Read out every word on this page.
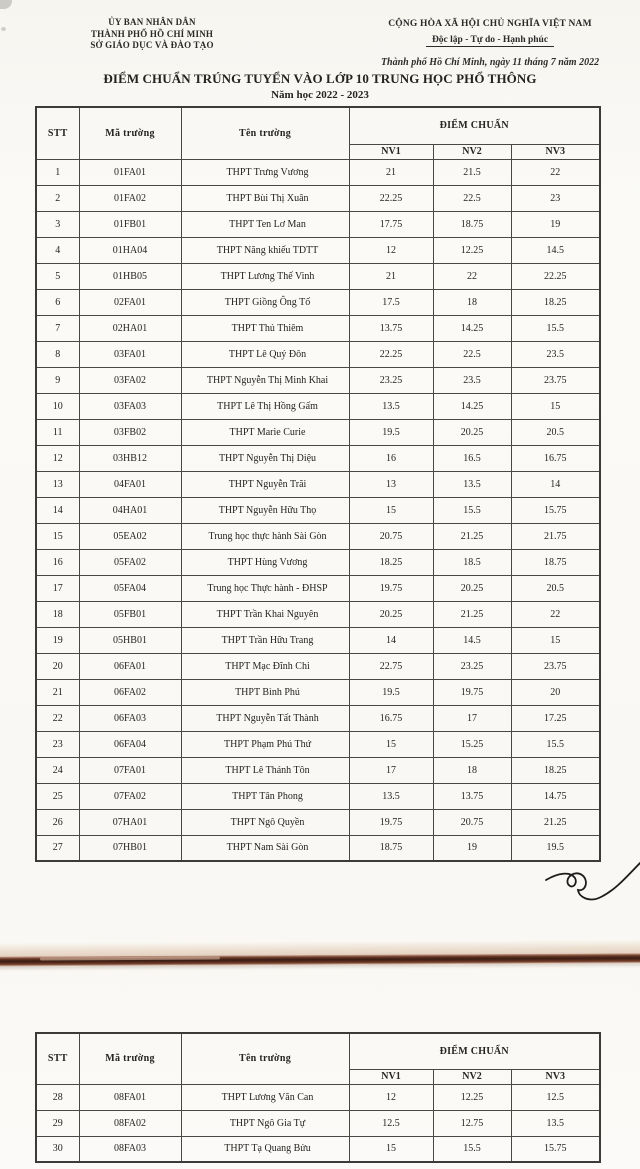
ỦY BAN NHÂN DÂN
THÀNH PHỐ HỒ CHÍ MINH
SỞ GIÁO DỤC VÀ ĐÀO TẠO
CỘNG HÒA XÃ HỘI CHỦ NGHĨA VIỆT NAM
Độc lập - Tự do - Hạnh phúc
Thành phố Hồ Chí Minh, ngày 11 tháng 7 năm 2022
ĐIỂM CHUẨN TRÚNG TUYỂN VÀO LỚP 10 TRUNG HỌC PHỔ THÔNG
Năm học 2022 - 2023
STT	Mã trường	Tên trường	ĐIỂM CHUẨN		
			NV1	NV2	NV3
1	01FA01	THPT Trưng Vương	21	21.5	22
2	01FA02	THPT Bùi Thị Xuân	22.25	22.5	23
3	01FB01	THPT Ten Lơ Man	17.75	18.75	19
4	01HA04	THPT Năng khiếu TDTT	12	12.25	14.5
5	01HB05	THPT Lương Thế Vinh	21	22	22.25
6	02FA01	THPT Giồng Ông Tố	17.5	18	18.25
7	02HA01	THPT Thủ Thiêm	13.75	14.25	15.5
8	03FA01	THPT Lê Quý Đôn	22.25	22.5	23.5
9	03FA02	THPT Nguyễn Thị Minh Khai	23.25	23.5	23.75
10	03FA03	THPT Lê Thị Hồng Gấm	13.5	14.25	15
11	03FB02	THPT Marie Curie	19.5	20.25	20.5
12	03HB12	THPT Nguyễn Thị Diệu	16	16.5	16.75
13	04FA01	THPT Nguyễn Trãi	13	13.5	14
14	04HA01	THPT Nguyễn Hữu Thọ	15	15.5	15.75
15	05EA02	Trung học thực hành Sài Gòn	20.75	21.25	21.75
16	05FA02	THPT Hùng Vương	18.25	18.5	18.75
17	05FA04	Trung học Thực hành - ĐHSP	19.75	20.25	20.5
18	05FB01	THPT Trần Khai Nguyên	20.25	21.25	22
19	05HB01	THPT Trần Hữu Trang	14	14.5	15
20	06FA01	THPT Mạc Đĩnh Chi	22.75	23.25	23.75
21	06FA02	THPT Bình Phú	19.5	19.75	20
22	06FA03	THPT Nguyễn Tất Thành	16.75	17	17.25
23	06FA04	THPT Phạm Phú Thứ	15	15.25	15.5
24	07FA01	THPT Lê Thánh Tôn	17	18	18.25
25	07FA02	THPT Tân Phong	13.5	13.75	14.75
26	07HA01	THPT Ngô Quyền	19.75	20.75	21.25
27	07HB01	THPT Nam Sài Gòn	18.75	19	19.5
STT	Mã trường	Tên trường	ĐIỂM CHUẨN		
			NV1	NV2	NV3
28	08FA01	THPT Lương Văn Can	12	12.25	12.5
29	08FA02	THPT Ngô Gia Tự	12.5	12.75	13.5
30	08FA03	THPT Tạ Quang Bửu	15	15.5	15.75
